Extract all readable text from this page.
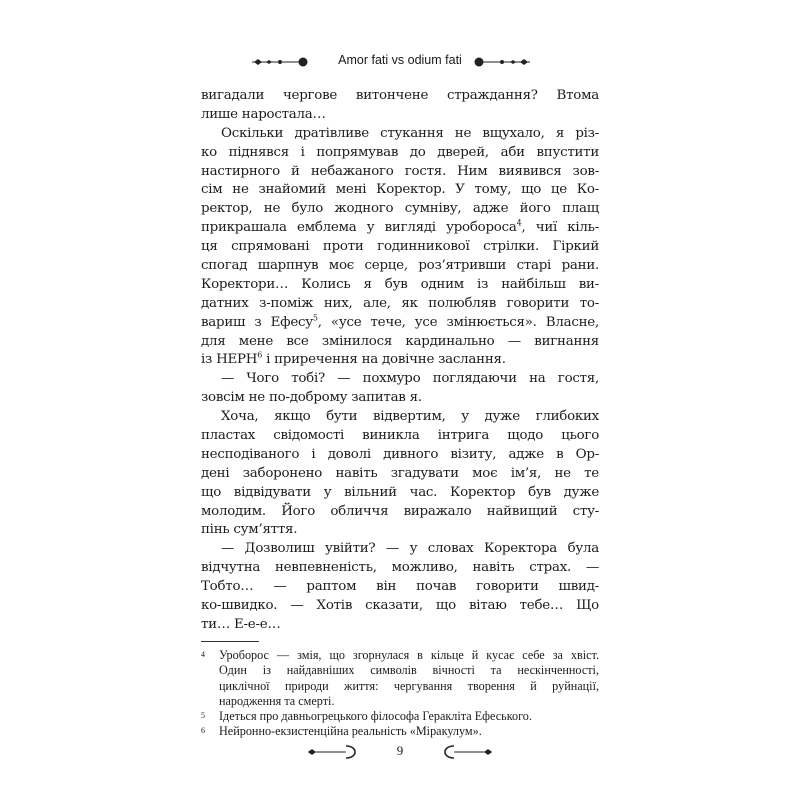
Amor fati vs odium fati
вигадали чергове витончене страждання? Втома
лише наростала…
Оскільки дратівливе стукання не вщухало, я різ-
ко піднявся і попрямував до дверей, аби впустити
настирного й небажаного гостя. Ним виявився зов-
сім не знайомий мені Коректор. У тому, що це Ко-
ректор, не було жодного сумніву, адже його плащ
прикрашала емблема у вигляді уробороса$^4$, чиї кіль-
ця спрямовані проти годинникової стрілки. Гіркий
спогад шарпнув моє серце, роз’ятривши старі рани.
Коректори… Колись я був одним із найбільш ви-
датних з-поміж них, але, як полюбляв говорити то-
вариш з Ефесу$^5$, «усе тече, усе змінюється». Власне,
для мене все змінилося кардинально — вигнання
із НЕРН$^6$ і приречення на довічне заслання.
— Чого тобі? — похмуро поглядаючи на гостя,
зовсім не по-доброму запитав я.
Хоча, якщо бути відвертим, у дуже глибоких
пластах свідомості виникла інтрига щодо цього
несподіваного і доволі дивного візиту, адже в Ор-
дені заборонено навіть згадувати моє ім’я, не те
що відвідувати у вільний час. Коректор був дуже
молодим. Його обличчя виражало найвищий сту-
пінь сум’яття.
— Дозволиш увійти? — у словах Коректора була
відчутна невпевненість, можливо, навіть страх. —
Тобто… — раптом він почав говорити швид-
ко-швидко. — Хотів сказати, що вітаю тебе… Що
ти… Е-е-е…
4 Уроборос — змія, що згорнулася в кільце й кусає себе за хвіст.
Один із найдавніших символів вічності та нескінченності,
циклічної природи життя: чергування творення й руйнації,
народження та смерті.
5 Ідеться про давньогрецького філософа Геракліта Ефеського.
6 Нейронно-екзистенційна реальність «Міракулум».
9
